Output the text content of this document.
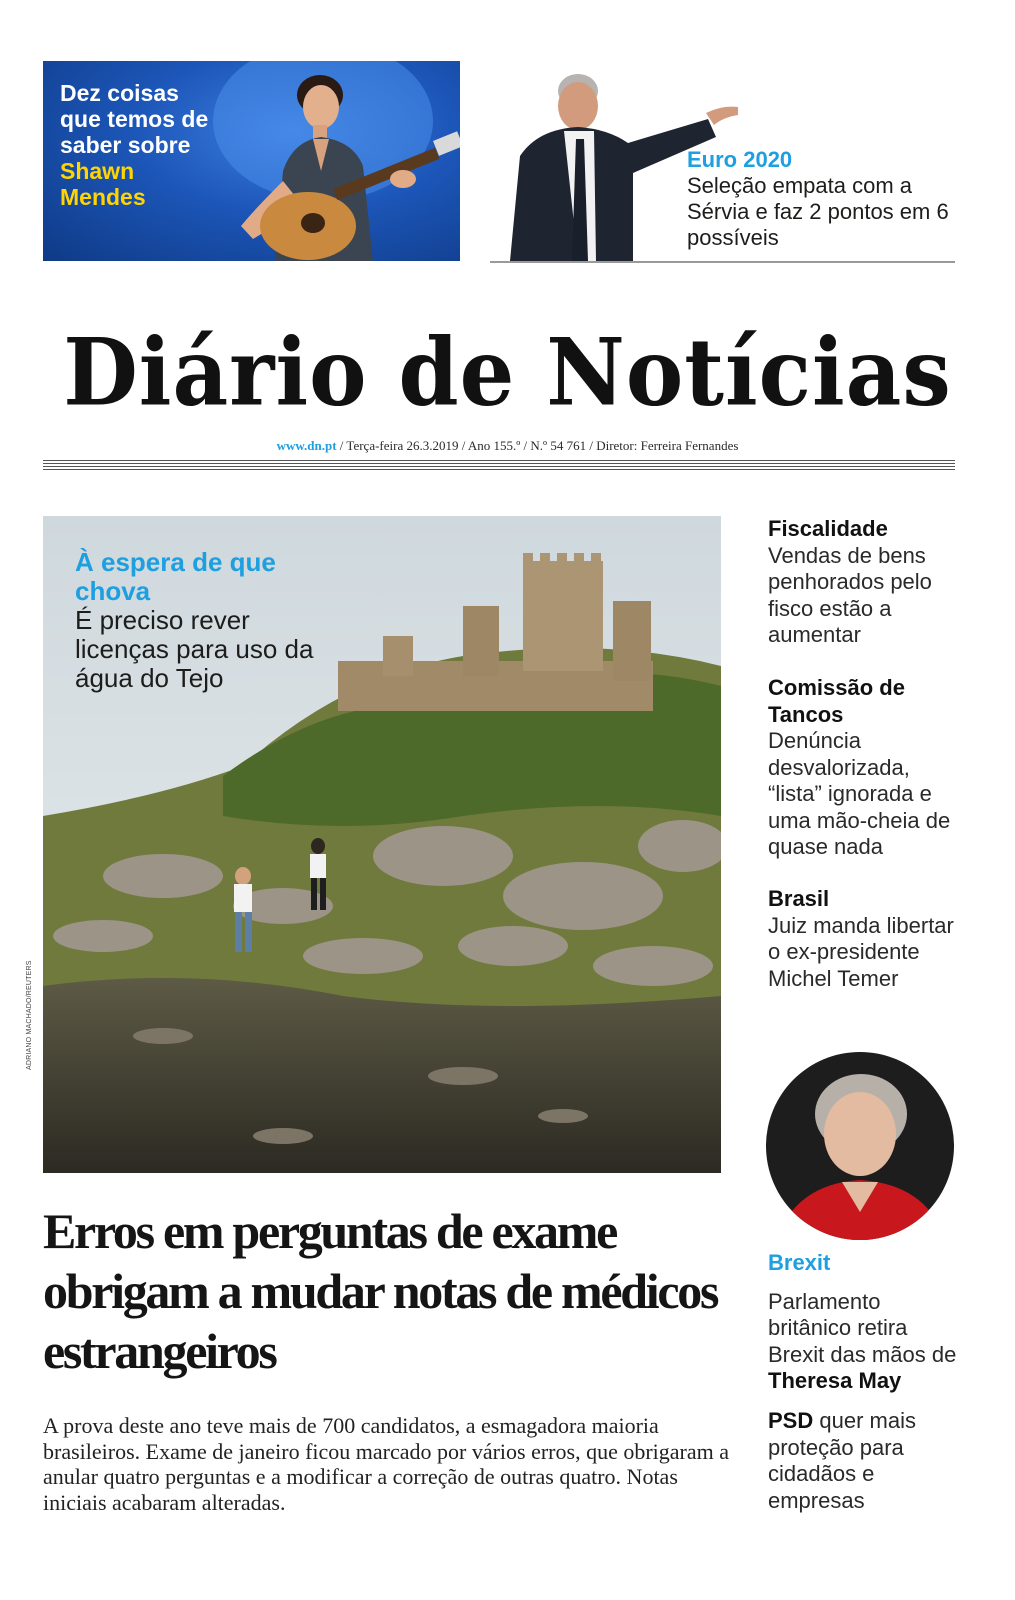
Dez coisas que temos de saber sobre Shawn Mendes
Euro 2020
Seleção empata com a Sérvia e faz 2 pontos em 6 possíveis
Diário de Notícias
www.dn.pt / Terça-feira 26.3.2019 / Ano 155.º / N.º 54 761 / Diretor: Ferreira Fernandes
ADRIANO MACHADO/REUTERS
À espera de que chova
É preciso rever licenças para uso da água do Tejo
Fiscalidade
Vendas de bens penhorados pelo fisco estão a aumentar
Comissão de Tancos
Denúncia desvalorizada, “lista” ignorada e uma mão-cheia de quase nada
Brasil
Juiz manda libertar o ex-presidente Michel Temer
Brexit
Parlamento britânico retira Brexit das mãos de Theresa May
PSD quer mais proteção para cidadãos e empresas
Erros em perguntas de exame obrigam a mudar notas de médicos estrangeiros
A prova deste ano teve mais de 700 candidatos, a esmagadora maioria brasileiros. Exame de janeiro ficou marcado por vários erros, que obrigaram a anular quatro perguntas e a modificar a correção de outras quatro. Notas iniciais acabaram alteradas.
